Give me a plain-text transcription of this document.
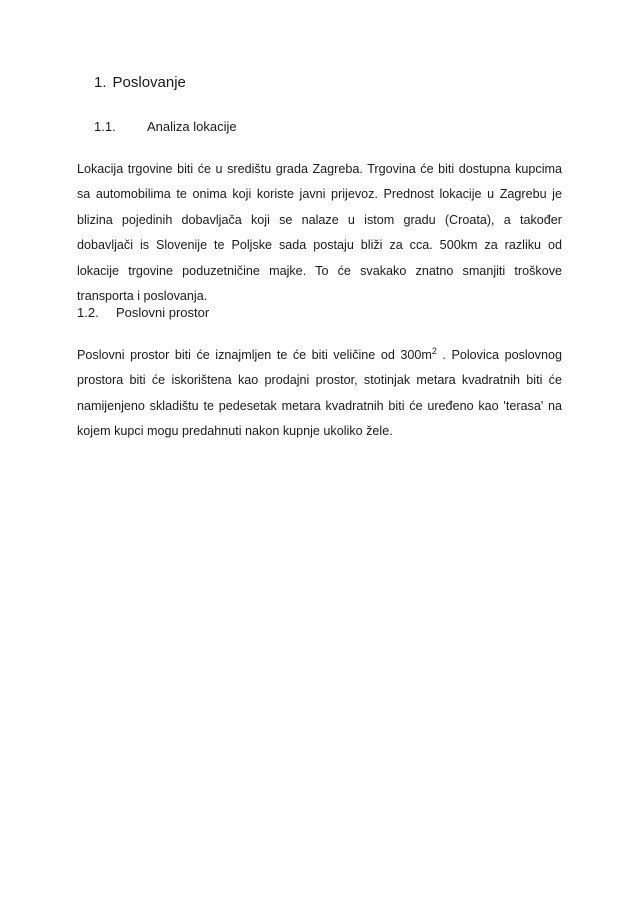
1. Poslovanje
1.1. Analiza lokacije
Lokacija trgovine biti će u središtu grada Zagreba. Trgovina će biti dostupna kupcima
sa automobilima te onima koji koriste javni prijevoz. Prednost lokacije u Zagrebu je
blizina pojedinih dobavljača koji se nalaze u istom gradu (Croata), a također
dobavljači is Slovenije te Poljske sada postaju bliži za cca. 500km za razliku od
lokacije trgovine poduzetničine majke. To će svakako znatno smanjiti troškove
transporta i poslovanja.
1.2. Poslovni prostor
Poslovni prostor biti će iznajmljen te će biti veličine od $300m^2$ . Polovica poslovnog
prostora biti će iskorištena kao prodajni prostor, stotinjak metara kvadratnih biti će
namijenjeno skladištu te pedesetak metara kvadratnih biti će uređeno kao 'terasa' na
kojem kupci mogu predahnuti nakon kupnje ukoliko žele.
